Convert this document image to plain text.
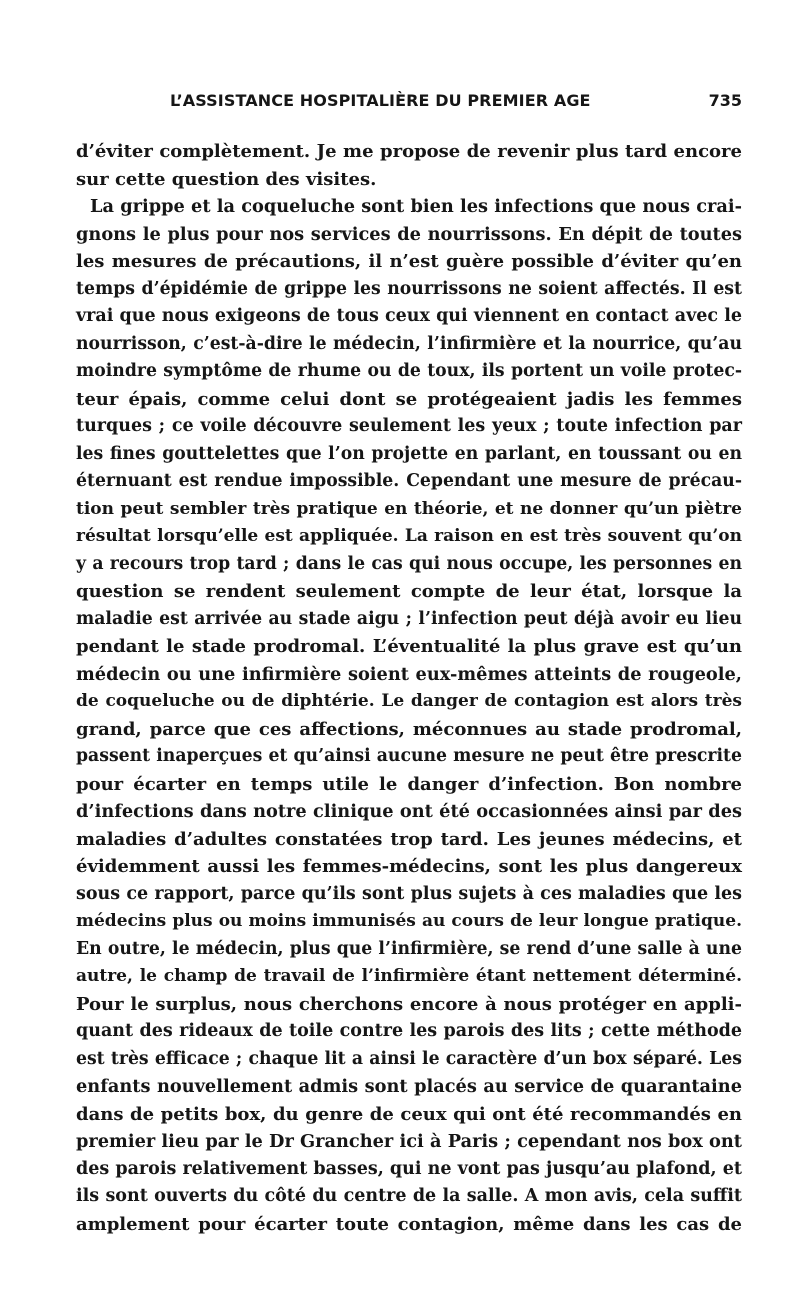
L’ASSISTANCE HOSPITALIÈRE DU PREMIER AGE	735
d’éviter complètement. Je me propose de revenir plus tard encore
sur cette question des visites.
La grippe et la coqueluche sont bien les infections que nous crai-
gnons le plus pour nos services de nourrissons. En dépit de toutes
les mesures de précautions, il n’est guère possible d’éviter qu’en
temps d’épidémie de grippe les nourrissons ne soient affectés. Il est
vrai que nous exigeons de tous ceux qui viennent en contact avec le
nourrisson, c’est-à-dire le médecin, l’infirmière et la nourrice, qu’au
moindre symptôme de rhume ou de toux, ils portent un voile protec-
teur épais, comme celui dont se protégeaient jadis les femmes
turques ; ce voile découvre seulement les yeux ; toute infection par
les fines gouttelettes que l’on projette en parlant, en toussant ou en
éternuant est rendue impossible. Cependant une mesure de précau-
tion peut sembler très pratique en théorie, et ne donner qu’un piètre
résultat lorsqu’elle est appliquée. La raison en est très souvent qu’on
y a recours trop tard ; dans le cas qui nous occupe, les personnes en
question se rendent seulement compte de leur état, lorsque la
maladie est arrivée au stade aigu ; l’infection peut déjà avoir eu lieu
pendant le stade prodromal. L’éventualité la plus grave est qu’un
médecin ou une infirmière soient eux-mêmes atteints de rougeole,
de coqueluche ou de diphtérie. Le danger de contagion est alors très
grand, parce que ces affections, méconnues au stade prodromal,
passent inaperçues et qu’ainsi aucune mesure ne peut être prescrite
pour écarter en temps utile le danger d’infection. Bon nombre
d’infections dans notre clinique ont été occasionnées ainsi par des
maladies d’adultes constatées trop tard. Les jeunes médecins, et
évidemment aussi les femmes-médecins, sont les plus dangereux
sous ce rapport, parce qu’ils sont plus sujets à ces maladies que les
médecins plus ou moins immunisés au cours de leur longue pratique.
En outre, le médecin, plus que l’infirmière, se rend d’une salle à une
autre, le champ de travail de l’infirmière étant nettement déterminé.
Pour le surplus, nous cherchons encore à nous protéger en appli-
quant des rideaux de toile contre les parois des lits ; cette méthode
est très efficace ; chaque lit a ainsi le caractère d’un box séparé. Les
enfants nouvellement admis sont placés au service de quarantaine
dans de petits box, du genre de ceux qui ont été recommandés en
premier lieu par le Dr Grancher ici à Paris ; cependant nos box ont
des parois relativement basses, qui ne vont pas jusqu’au plafond, et
ils sont ouverts du côté du centre de la salle. A mon avis, cela suffit
amplement pour écarter toute contagion, même dans les cas de
